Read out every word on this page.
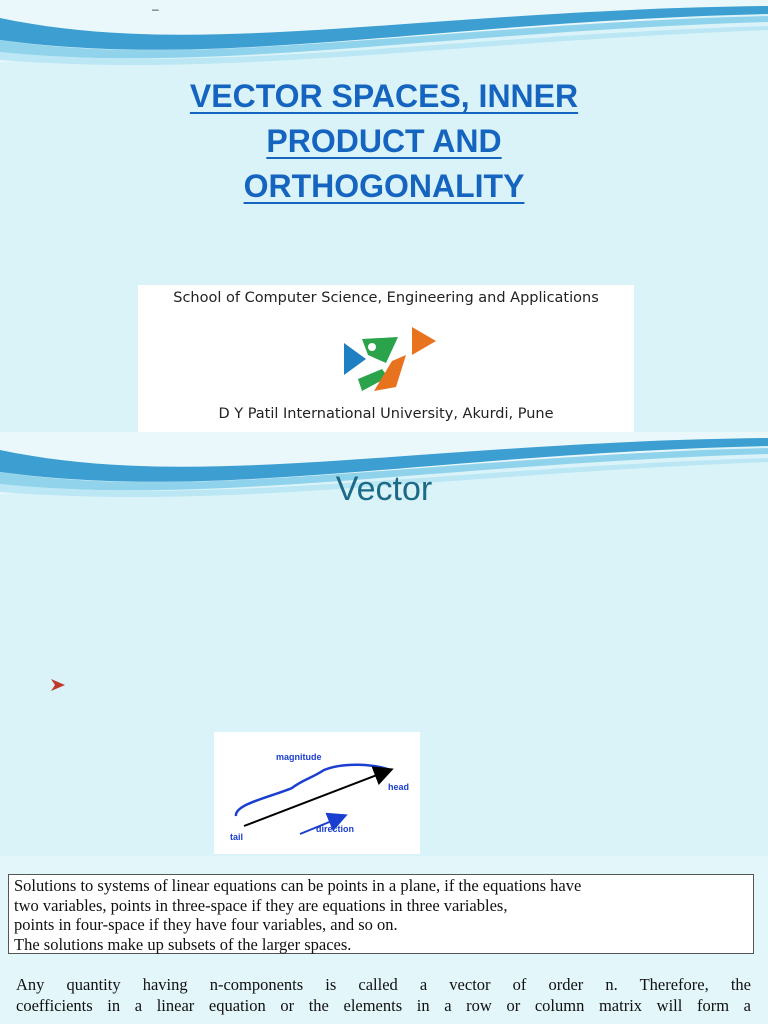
–
VECTOR SPACES, INNER
PRODUCT AND
ORTHOGONALITY
School of Computer Science, Engineering and Applications
D Y Patil International University, Akurdi, Pune
Vector
magnitude
head
tail
direction
Solutions to systems of linear equations can be points in a plane, if the equations have
two variables, points in three-space if they are equations in three variables,
points in four-space if they have four variables, and so on.
The solutions make up subsets of the larger spaces.
Any quantity having n-components is called a vector of order n. Therefore, the
coefficients in a linear equation or the elements in a row or column matrix will form a
